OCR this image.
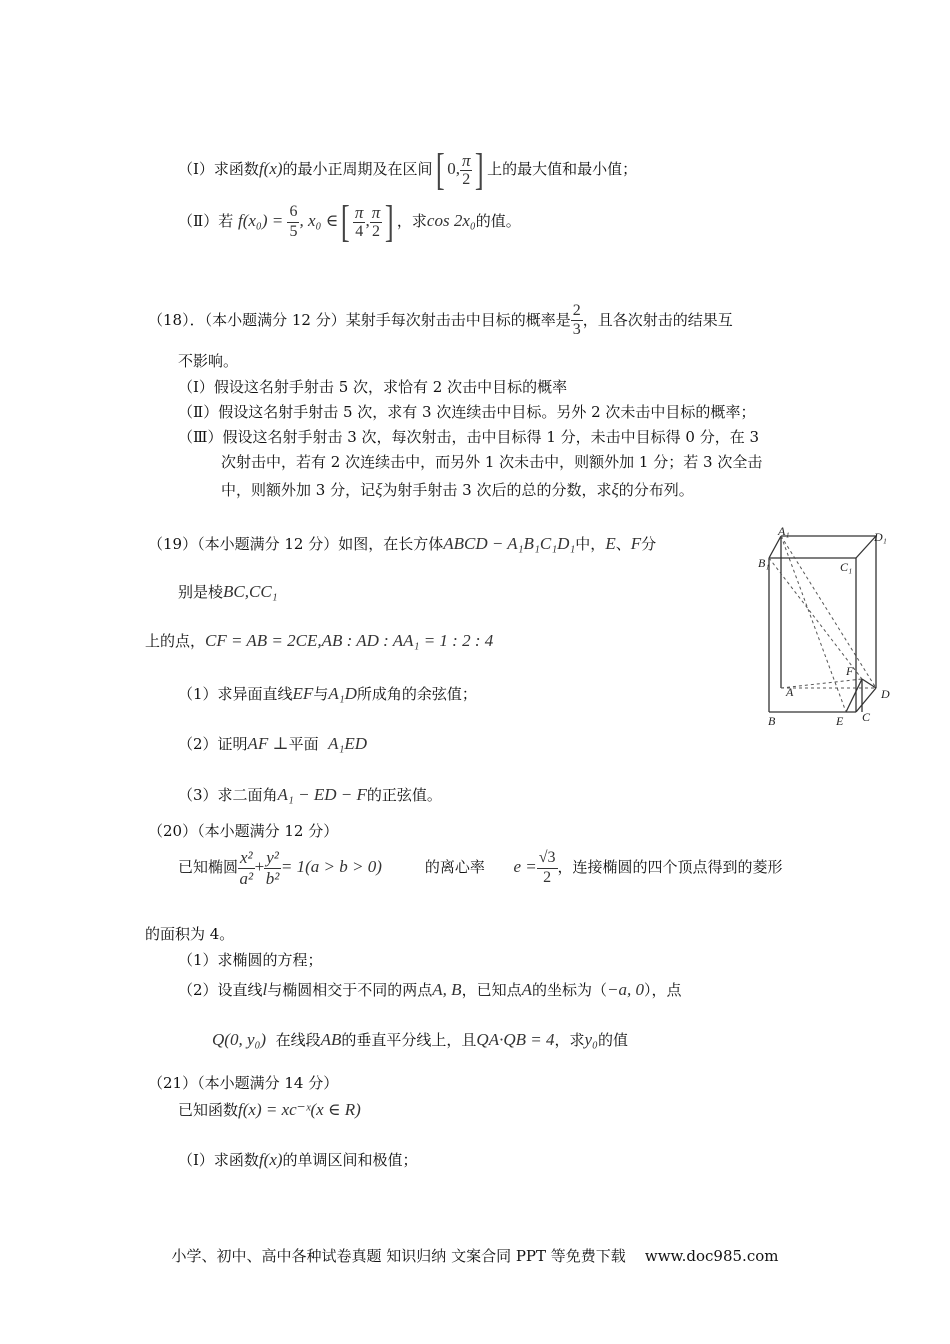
（Ⅰ）求函数f(x)的最小正周期及在区间[ 0, $\frac{\pi}{2}$ ] 上的最大值和最小值；
（Ⅱ）若 $f(x_0) = \frac{6}{5}$ , x₀ ∈[ $\frac{\pi}{4}$ , $\frac{\pi}{2}$ ] ，求cos 2x₀的值。
（18）．（本小题满分 12 分）某射手每次射击击中目标的概率是 $\frac{2}{3}$ ，且各次射击的结果互
不影响。
（Ⅰ）假设这名射手射击 5 次，求恰有 2 次击中目标的概率
（Ⅱ）假设这名射手射击 5 次，求有 3 次连续击中目标。另外 2 次未击中目标的概率；
（Ⅲ）假设这名射手射击 3 次，每次射击，击中目标得 1 分，未击中目标得 0 分，在 3
次射击中，若有 2 次连续击中，而另外 1 次未击中，则额外加 1 分；若 3 次全击
中，则额外加 3 分，记ξ为射手射击 3 次后的总的分数，求ξ的分布列。
（19）（本小题满分 12 分）如图，在长方体ABCD − A₁B₁C₁D₁中，E、F分
别是棱BC,CC₁
上的点，CF = AB = 2CE,AB : AD : AA₁ = 1 : 2 : 4
（1）求异面直线EF与A₁D所成角的余弦值；
（2）证明AF ⊥平面 A₁ED
（3）求二面角A₁ − ED − F的正弦值。
A₁	D₁
B₁	C₁
F
A	D
B	E C
（20）（本小题满分 12 分）
已知椭圆 $\frac{\text{x²}}{\text{a²}} + \frac{\text{y²}}{\text{b²}} = 1(a > b > 0)$	的离心率 $e = \frac{√3}{2}$ ，连接椭圆的四个顶点得到的菱形
的面积为 4。
（1）求椭圆的方程；
（2）设直线l与椭圆相交于不同的两点A, B，已知点A的坐标为（−a, 0），点
Q(0, y₀) 在线段AB的垂直平分线上，且QA·QB = 4，求y₀的值
（21）（本小题满分 14 分）
已知函数f(x) = xc⁻ˣ(x ∈ R)
（Ⅰ）求函数f(x)的单调区间和极值；
小学、初中、高中各种试卷真题 知识归纳 文案合同 PPT 等免费下载 www.doc985.com
